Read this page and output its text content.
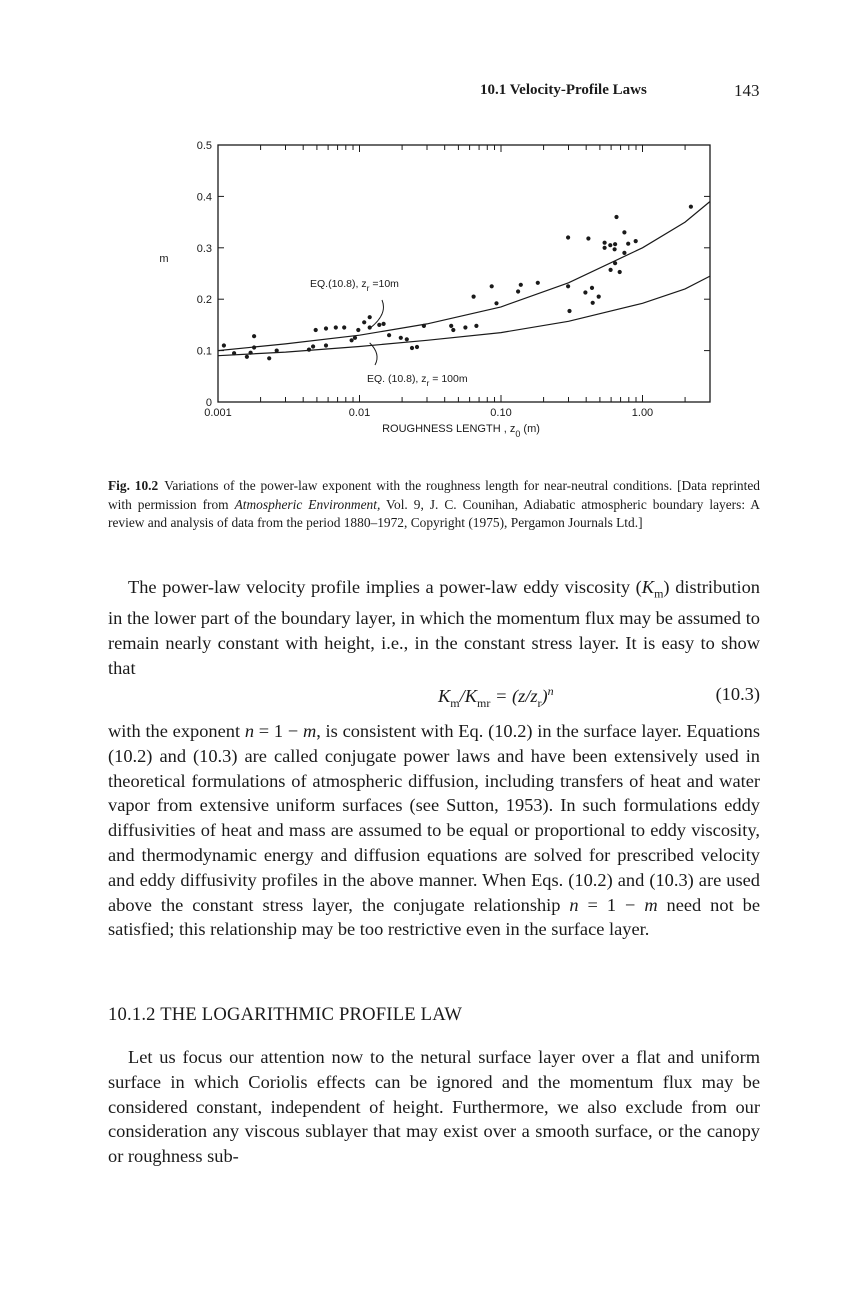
10.1 Velocity-Profile Laws	143
0
0.1
0.2
0.3
0.4
0.5
0.001	0.01	0.10	1.00
m
ROUGHNESS LENGTH , $z_0$ (m)
EQ.(10.8), $z_r =10m$
EQ. (10.8), $z_r = 100m$
Fig. 10.2 Variations of the power-law exponent with the roughness length for near-neutral conditions. [Data reprinted with permission from Atmospheric Environment, Vol. 9, J. C. Counihan, Adiabatic atmospheric boundary layers: A review and analysis of data from the period 1880–1972, Copyright (1975), Pergamon Journals Ltd.]
The power-law velocity profile implies a power-law eddy viscosity $(K_m)$ distribution in the lower part of the boundary layer, in which the momentum flux may be assumed to remain nearly constant with height, i.e., in the constant stress layer. It is easy to show that
$K_m/K_{mr} = (z/z_r)^n$	(10.3)
with the exponent n = 1 − m, is consistent with Eq. (10.2) in the surface layer. Equations (10.2) and (10.3) are called conjugate power laws and have been extensively used in theoretical formulations of atmospheric diffusion, including transfers of heat and water vapor from extensive uniform surfaces (see Sutton, 1953). In such formulations eddy diffusivities of heat and mass are assumed to be equal or proportional to eddy viscosity, and thermodynamic energy and diffusion equations are solved for prescribed velocity and eddy diffusivity profiles in the above manner. When Eqs. (10.2) and (10.3) are used above the constant stress layer, the conjugate relationship n = 1 − m need not be satisfied; this relationship may be too restrictive even in the surface layer.
10.1.2 THE LOGARITHMIC PROFILE LAW
Let us focus our attention now to the netural surface layer over a flat and uniform surface in which Coriolis effects can be ignored and the momentum flux may be considered constant, independent of height. Furthermore, we also exclude from our consideration any viscous sublayer that may exist over a smooth surface, or the canopy or roughness sub-
